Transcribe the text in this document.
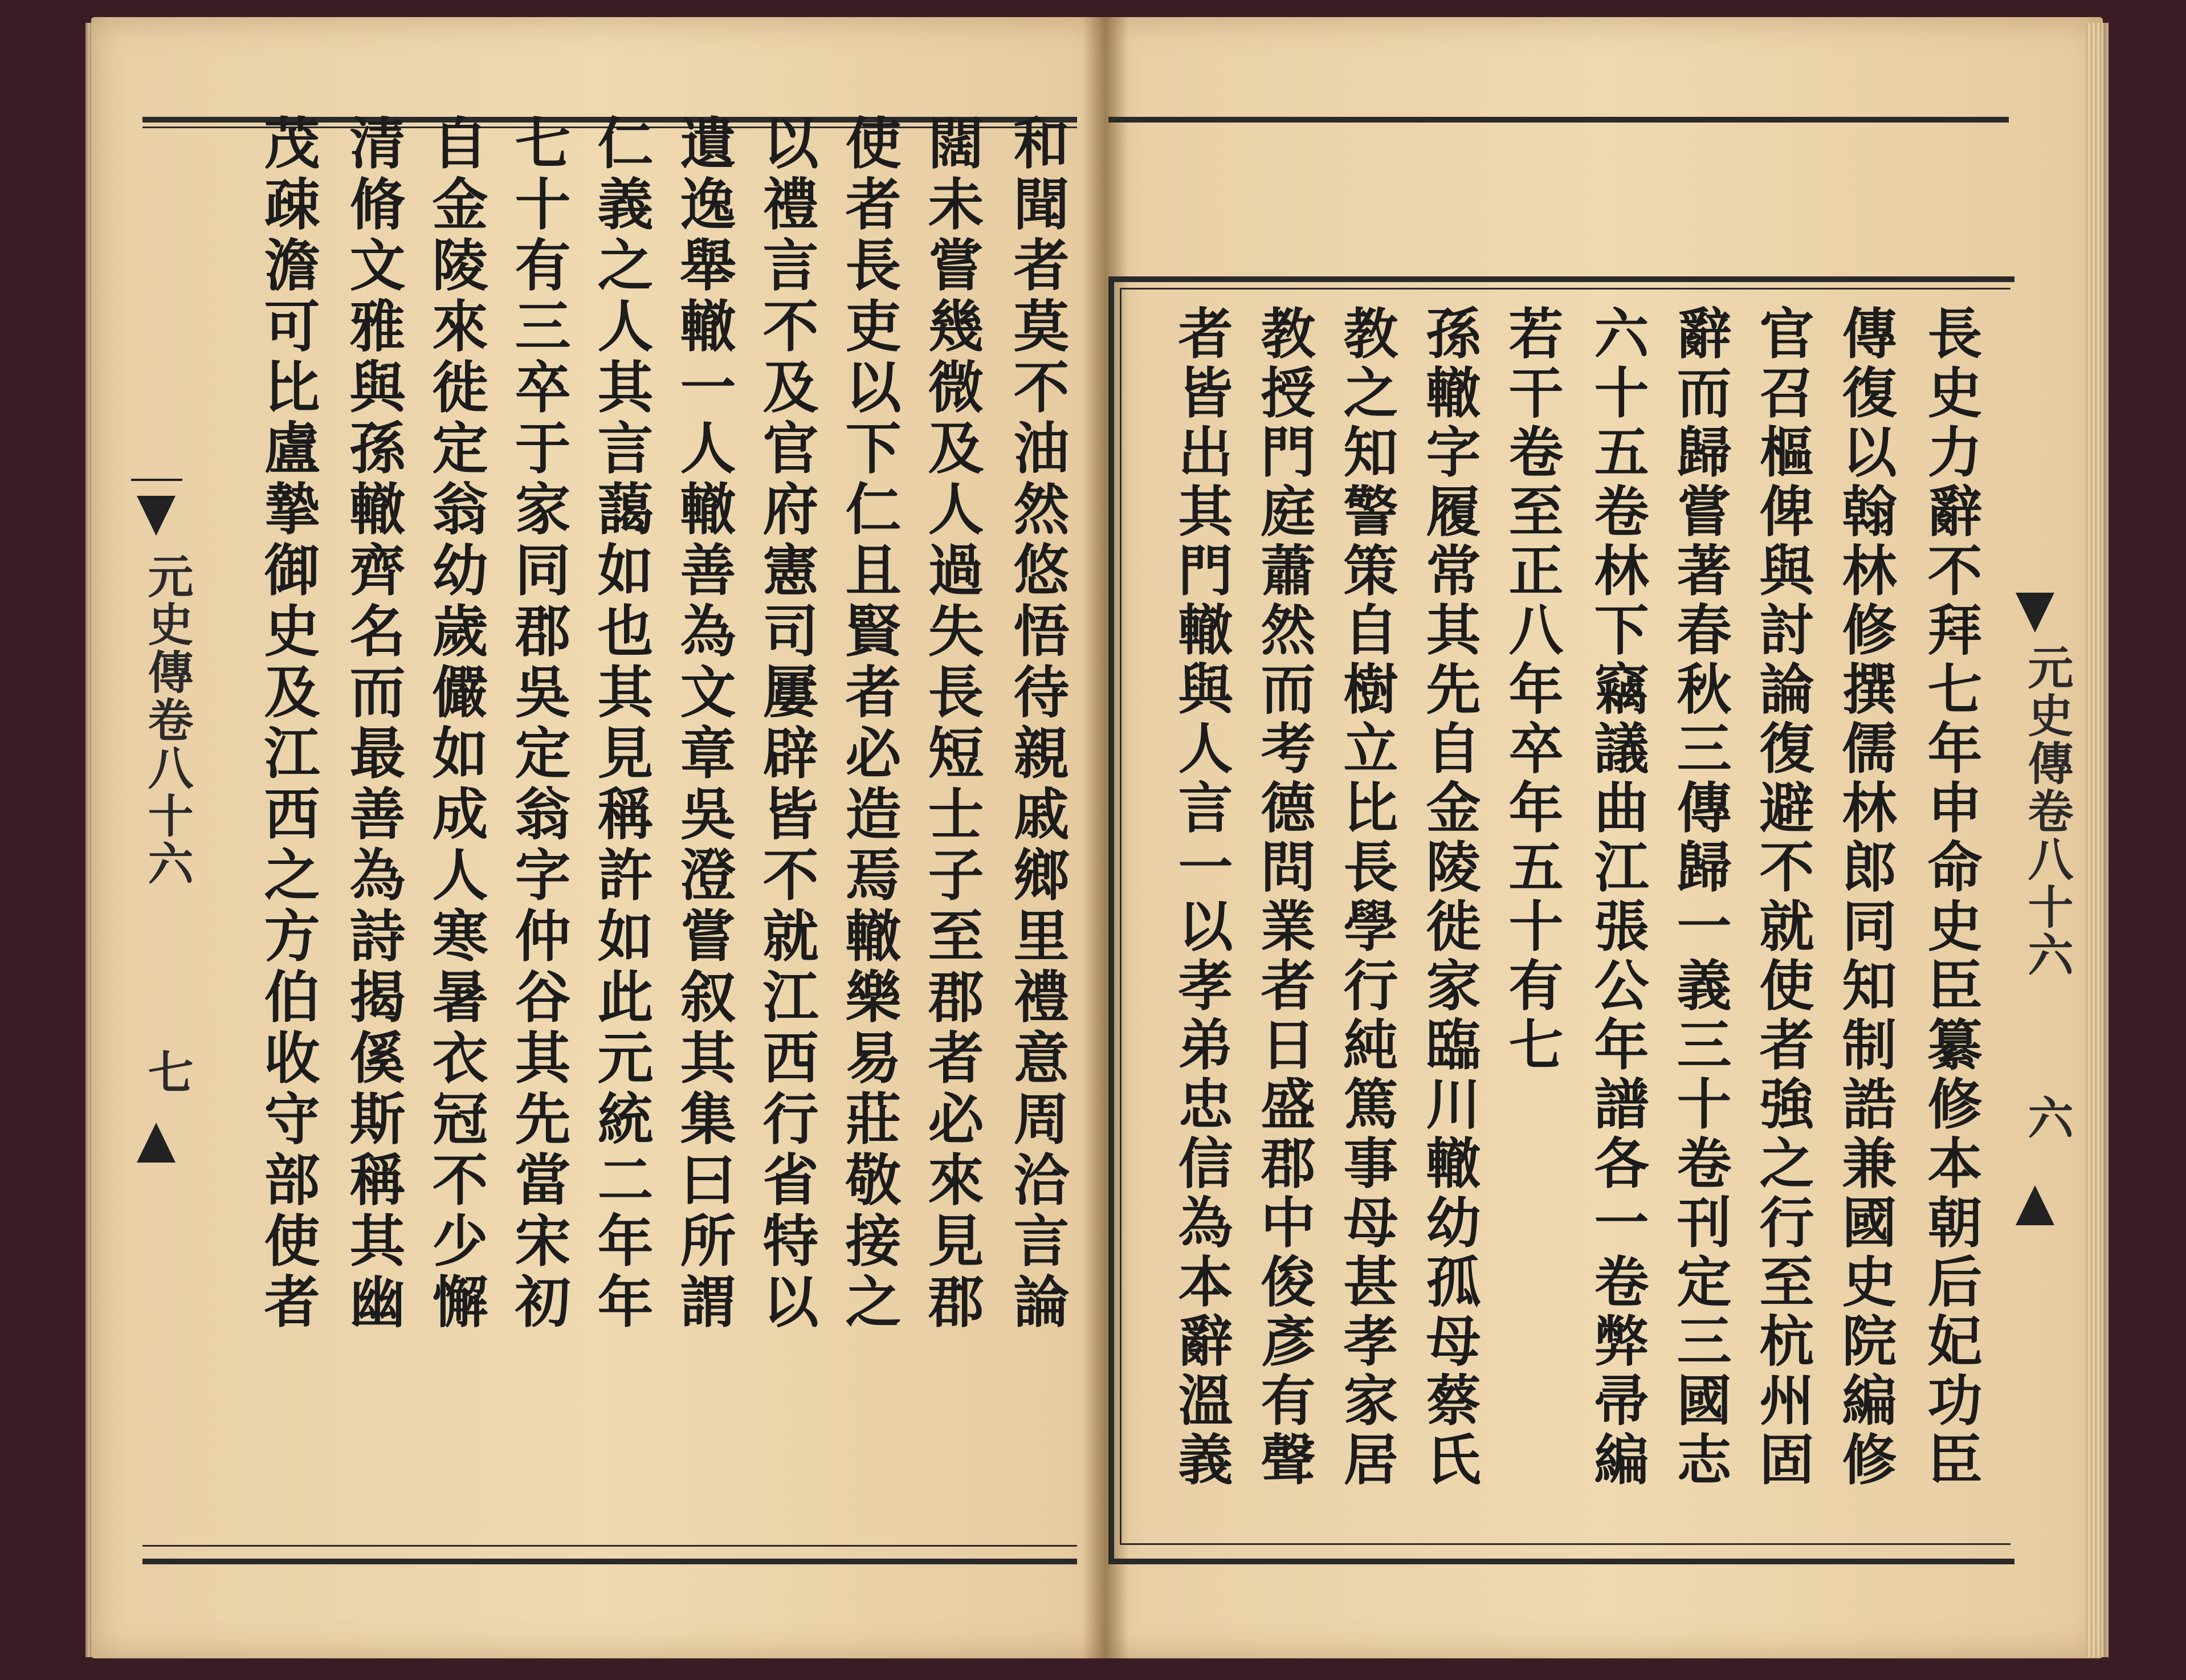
和聞者莫不油然悠悟待親戚鄉里禮意周洽言論
闊未嘗幾微及人過失長短士子至郡者必來見郡
使者長吏以下仁且賢者必造焉轍樂易莊敬接之
以禮言不及官府憲司屢辟皆不就江西行省特以
遺逸舉轍一人轍善為文章吳澄嘗叙其集曰所謂
仁義之人其言藹如也其見稱許如此元統二年年
七十有三卒于家同郡吳定翁字仲谷其先當宋初
自金陵來徙定翁幼歲儼如成人寒暑衣冠不少懈
清脩文雅與孫轍齊名而最善為詩揭傒斯稱其幽
茂疎澹可比盧摯御史及江西之方伯收守部使者
元史傳卷八十六
七	長史力辭不拜七年申命史臣纂修本朝后妃功臣
傳復以翰林修撰儒林郎同知制誥兼國史院編修
官召樞俾與討論復避不就使者強之行至杭州固
辭而歸嘗著春秋三傳歸一義三十卷刊定三國志
六十五卷林下竊議曲江張公年譜各一卷弊帚編
若干卷至正八年卒年五十有七
孫轍字履常其先自金陵徙家臨川轍幼孤母蔡氏
教之知警策自樹立比長學行純篤事母甚孝家居
教授門庭蕭然而考德問業者日盛郡中俊彥有聲
者皆出其門轍與人言一以孝弟忠信為本辭溫義	元史傳卷八十六
六
